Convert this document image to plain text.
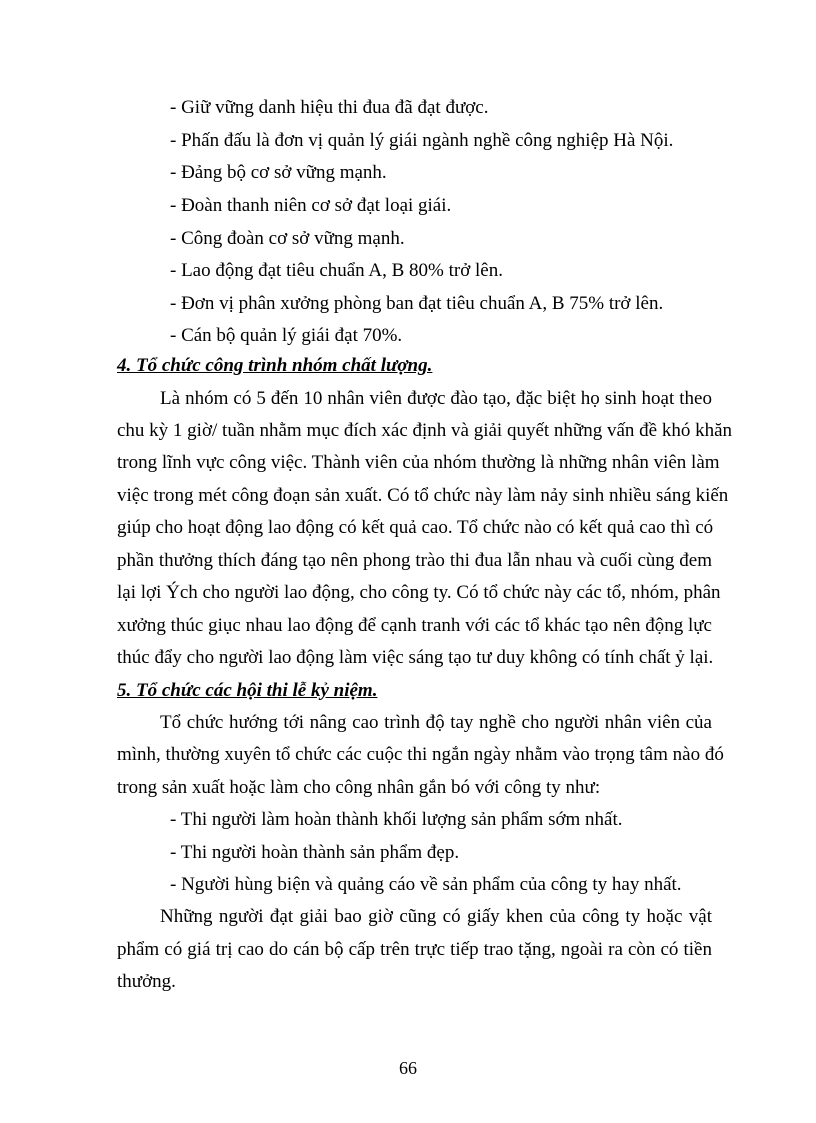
- Giữ vững danh hiệu thi đua đã đạt được.
- Phấn đấu là đơn vị quản lý giái ngành nghề công nghiệp Hà Nội.
- Đảng bộ cơ sở vững mạnh.
- Đoàn thanh niên cơ sở đạt loại giái.
- Công đoàn cơ sở vững mạnh.
- Lao động đạt tiêu chuẩn A, B 80% trở lên.
- Đơn vị phân xưởng phòng ban đạt tiêu chuẩn A, B 75% trở lên.
- Cán bộ quản lý giái đạt 70%.
4. Tổ chức công trình nhóm chất lượng.
Là nhóm có 5 đến 10 nhân viên được đào tạo, đặc biệt họ sinh hoạt theo
chu kỳ 1 giờ/ tuần nhằm mục đích xác định và giải quyết những vấn đề khó khăn
trong lĩnh vực công việc. Thành viên của nhóm thường là những nhân viên làm
việc trong mét công đoạn sản xuất. Có tổ chức này làm nảy sinh nhiều sáng kiến
giúp cho hoạt động lao động có kết quả cao. Tổ chức nào có kết quả cao thì có
phần thưởng thích đáng tạo nên phong trào thi đua lẫn nhau và cuối cùng đem
lại lợi Ých cho người lao động, cho công ty. Có tổ chức này các tổ, nhóm, phân
xưởng thúc giục nhau lao động để cạnh tranh với các tổ khác tạo nên động lực
thúc đẩy cho người lao động làm việc sáng tạo tư duy không có tính chất ỷ lại.
5. Tổ chức các hội thi lễ kỷ niệm.
Tổ chức hướng tới nâng cao trình độ tay nghề cho người nhân viên của
mình, thường xuyên tổ chức các cuộc thi ngắn ngày nhằm vào trọng tâm nào đó
trong sản xuất hoặc làm cho công nhân gắn bó với công ty như:
- Thi người làm hoàn thành khối lượng sản phẩm sớm nhất.
- Thi người hoàn thành sản phẩm đẹp.
- Người hùng biện và quảng cáo về sản phẩm của công ty hay nhất.
Những người đạt giải bao giờ cũng có giấy khen của công ty hoặc vật
phẩm có giá trị cao do cán bộ cấp trên trực tiếp trao tặng, ngoài ra còn có tiền
thưởng.
66
